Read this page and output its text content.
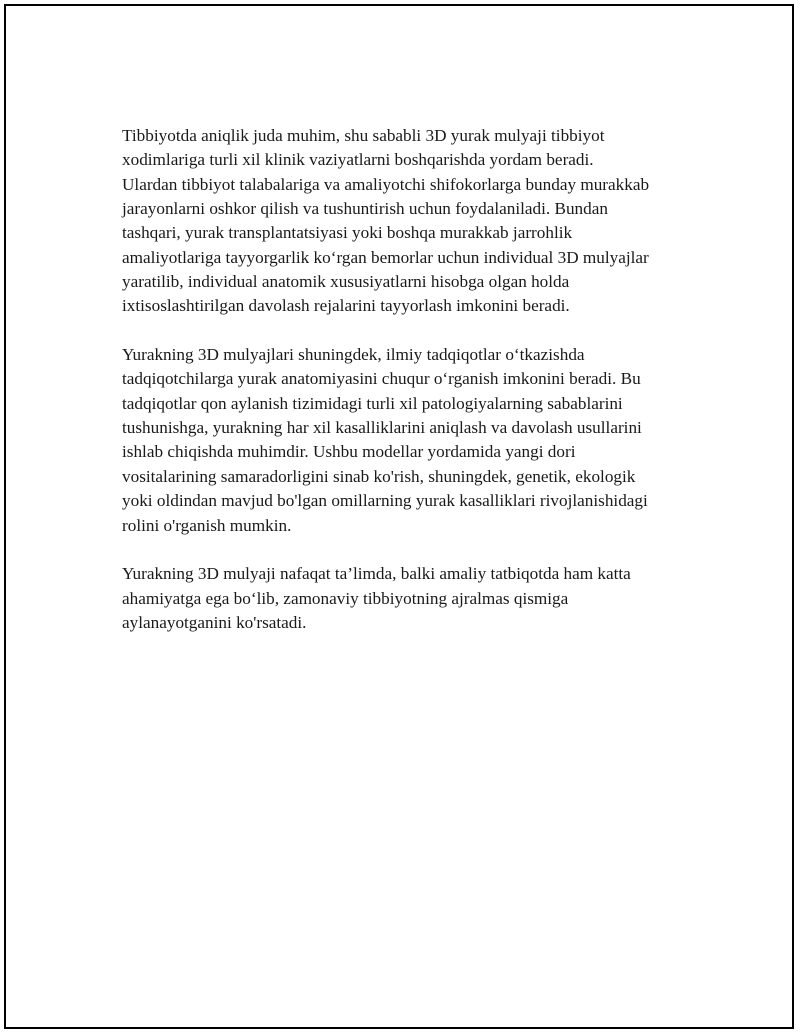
Tibbiyotda aniqlik juda muhim, shu sababli 3D yurak mulyaji tibbiyot
xodimlariga turli xil klinik vaziyatlarni boshqarishda yordam beradi.
Ulardan tibbiyot talabalariga va amaliyotchi shifokorlarga bunday murakkab
jarayonlarni oshkor qilish va tushuntirish uchun foydalaniladi. Bundan
tashqari, yurak transplantatsiyasi yoki boshqa murakkab jarrohlik
amaliyotlariga tayyorgarlik ko‘rgan bemorlar uchun individual 3D mulyajlar
yaratilib, individual anatomik xususiyatlarni hisobga olgan holda
ixtisoslashtirilgan davolash rejalarini tayyorlash imkonini beradi.

Yurakning 3D mulyajlari shuningdek, ilmiy tadqiqotlar o‘tkazishda
tadqiqotchilarga yurak anatomiyasini chuqur o‘rganish imkonini beradi. Bu
tadqiqotlar qon aylanish tizimidagi turli xil patologiyalarning sabablarini
tushunishga, yurakning har xil kasalliklarini aniqlash va davolash usullarini
ishlab chiqishda muhimdir. Ushbu modellar yordamida yangi dori
vositalarining samaradorligini sinab ko'rish, shuningdek, genetik, ekologik
yoki oldindan mavjud bo'lgan omillarning yurak kasalliklari rivojlanishidagi
rolini o'rganish mumkin.

Yurakning 3D mulyaji nafaqat ta’limda, balki amaliy tatbiqotda ham katta
ahamiyatga ega bo‘lib, zamonaviy tibbiyotning ajralmas qismiga
aylanayotganini ko'rsatadi.
